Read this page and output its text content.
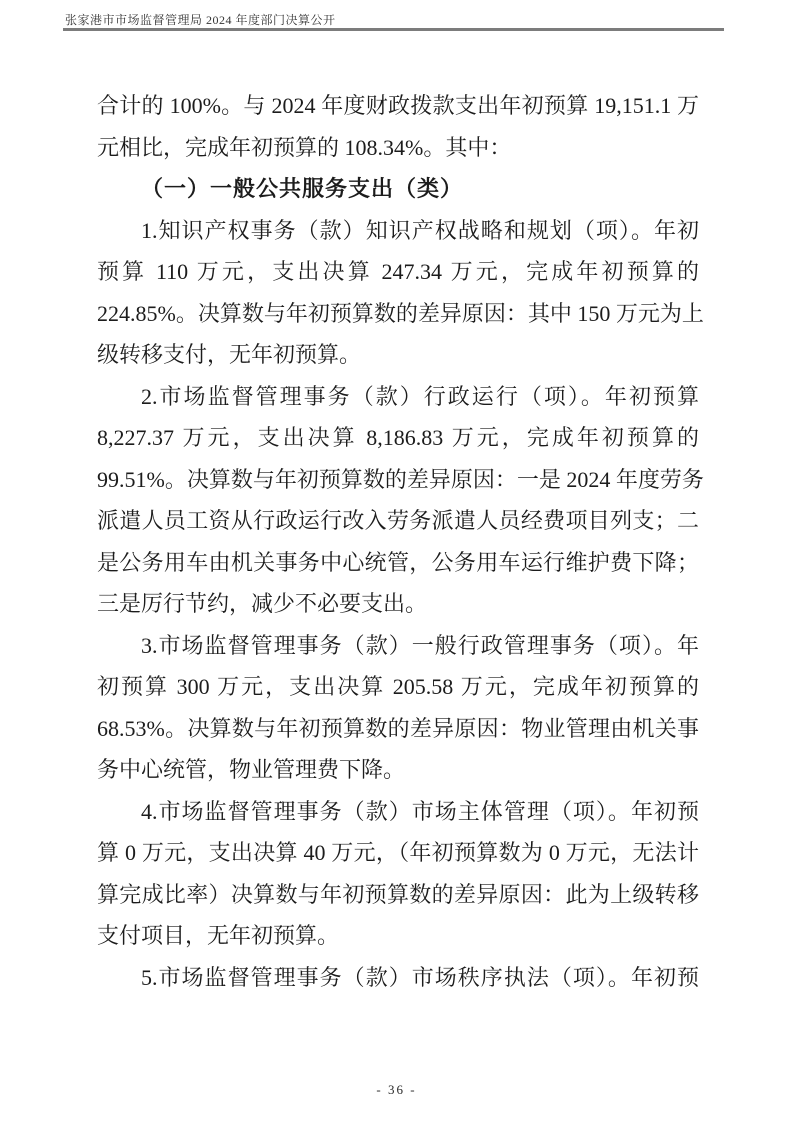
张家港市市场监督管理局 2024 年度部门决算公开
合计的 100%。与 2024 年度财政拨款支出年初预算 19,151.1 万
元相比，完成年初预算的 108.34%。其中：
（一）一般公共服务支出（类）
1.知识产权事务（款）知识产权战略和规划（项）。年初
预算 110 万元，支出决算 247.34 万元，完成年初预算的
224.85%。决算数与年初预算数的差异原因：其中 150 万元为上
级转移支付，无年初预算。
2.市场监督管理事务（款）行政运行（项）。年初预算
8,227.37 万元，支出决算 8,186.83 万元，完成年初预算的
99.51%。决算数与年初预算数的差异原因：一是 2024 年度劳务
派遣人员工资从行政运行改入劳务派遣人员经费项目列支；二
是公务用车由机关事务中心统管，公务用车运行维护费下降；
三是厉行节约，减少不必要支出。
3.市场监督管理事务（款）一般行政管理事务（项）。年
初预算 300 万元，支出决算 205.58 万元，完成年初预算的
68.53%。决算数与年初预算数的差异原因：物业管理由机关事
务中心统管，物业管理费下降。
4.市场监督管理事务（款）市场主体管理（项）。年初预
算 0 万元，支出决算 40 万元，（年初预算数为 0 万元，无法计
算完成比率）决算数与年初预算数的差异原因：此为上级转移
支付项目，无年初预算。
5.市场监督管理事务（款）市场秩序执法（项）。年初预
- 36 -
